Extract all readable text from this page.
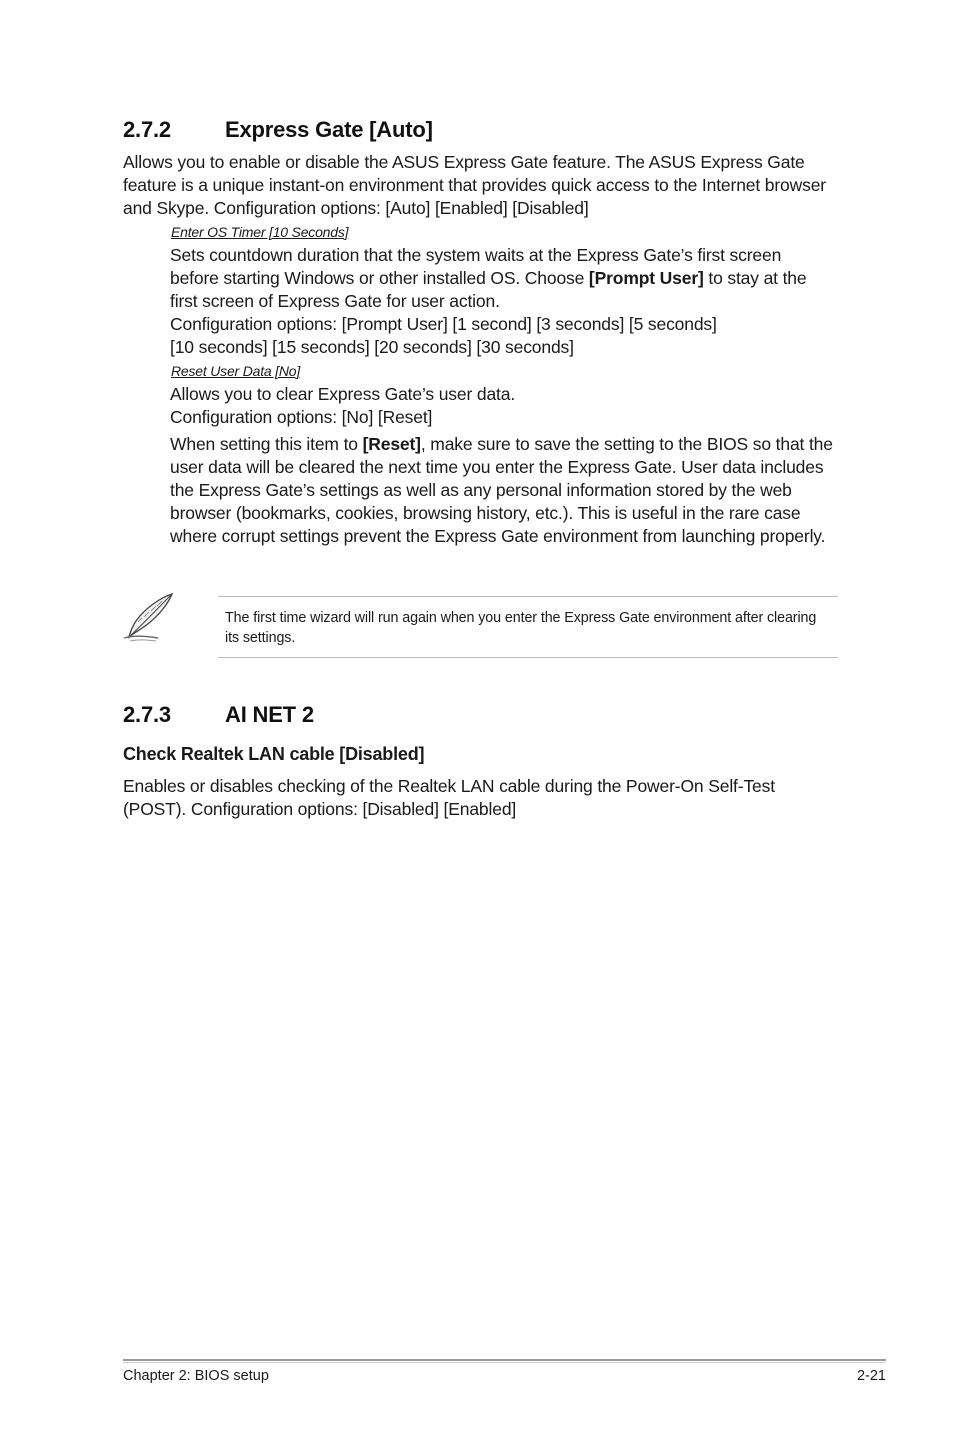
2.7.2 Express Gate [Auto]

Allows you to enable or disable the ASUS Express Gate feature. The ASUS Express Gate feature is a unique instant-on environment that provides quick access to the Internet browser and Skype. Configuration options: [Auto] [Enabled] [Disabled]

Enter OS Timer [10 Seconds]

Sets countdown duration that the system waits at the Express Gate’s first screen before starting Windows or other installed OS. Choose [Prompt User] to stay at the first screen of Express Gate for user action.

Configuration options: [Prompt User] [1 second] [3 seconds] [5 seconds]
[10 seconds] [15 seconds] [20 seconds] [30 seconds]

Reset User Data [No]

Allows you to clear Express Gate’s user data.
Configuration options: [No] [Reset]

When setting this item to [Reset], make sure to save the setting to the BIOS so that the user data will be cleared the next time you enter the Express Gate. User data includes the Express Gate’s settings as well as any personal information stored by the web browser (bookmarks, cookies, browsing history, etc.). This is useful in the rare case where corrupt settings prevent the Express Gate environment from launching properly.

The first time wizard will run again when you enter the Express Gate environment after clearing its settings.

2.7.3 AI NET 2
Check Realtek LAN cable [Disabled]

Enables or disables checking of the Realtek LAN cable during the Power-On Self-Test (POST). Configuration options: [Disabled] [Enabled]

Chapter 2: BIOS setup	2-21
